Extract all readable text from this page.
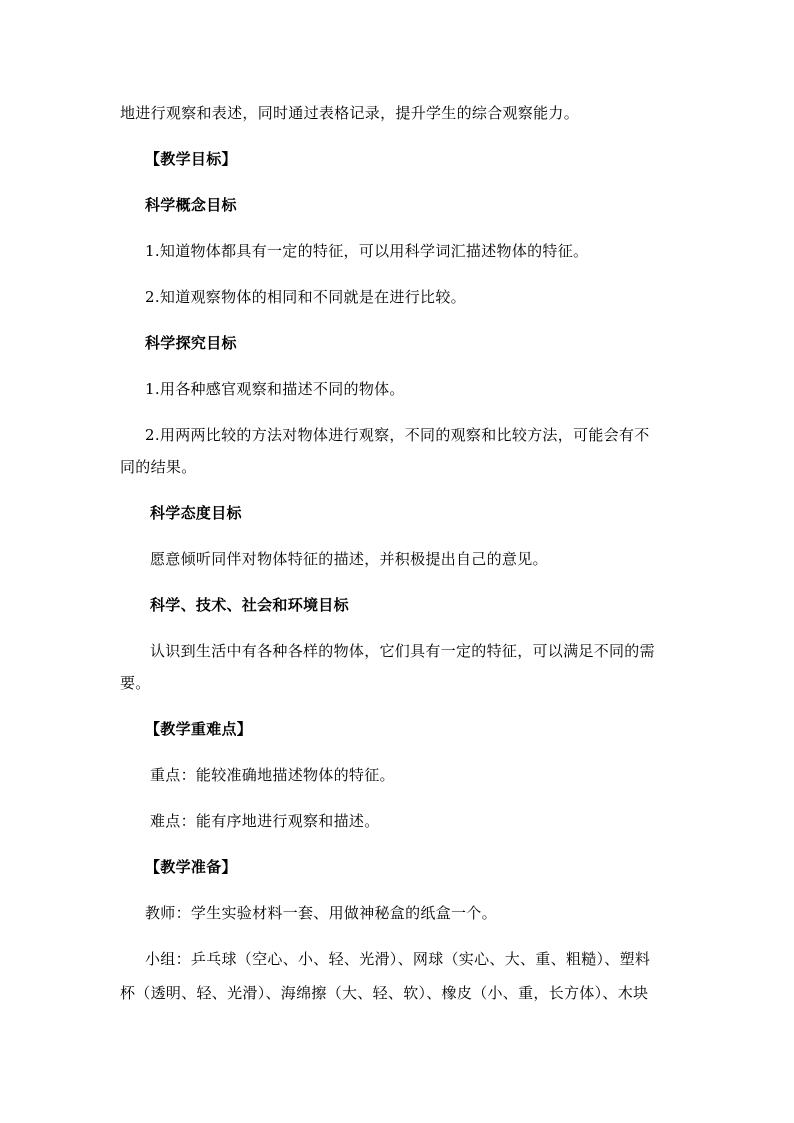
地进行观察和表述，同时通过表格记录，提升学生的综合观察能力。
【教学目标】
科学概念目标
1.知道物体都具有一定的特征，可以用科学词汇描述物体的特征。
2.知道观察物体的相同和不同就是在进行比较。
科学探究目标
1.用各种感官观察和描述不同的物体。
2.用两两比较的方法对物体进行观察，不同的观察和比较方法，可能会有不
同的结果。
科学态度目标
愿意倾听同伴对物体特征的描述，并积极提出自己的意见。
科学、技术、社会和环境目标
认识到生活中有各种各样的物体，它们具有一定的特征，可以满足不同的需
要。
【教学重难点】
重点：能较准确地描述物体的特征。
难点：能有序地进行观察和描述。
【教学准备】
教师：学生实验材料一套、用做神秘盒的纸盒一个。
小组：乒乓球（空心、小、轻、光滑）、网球（实心、大、重、粗糙）、塑料
杯（透明、轻、光滑）、海绵擦（大、轻、软）、橡皮（小、重，长方体）、木块
